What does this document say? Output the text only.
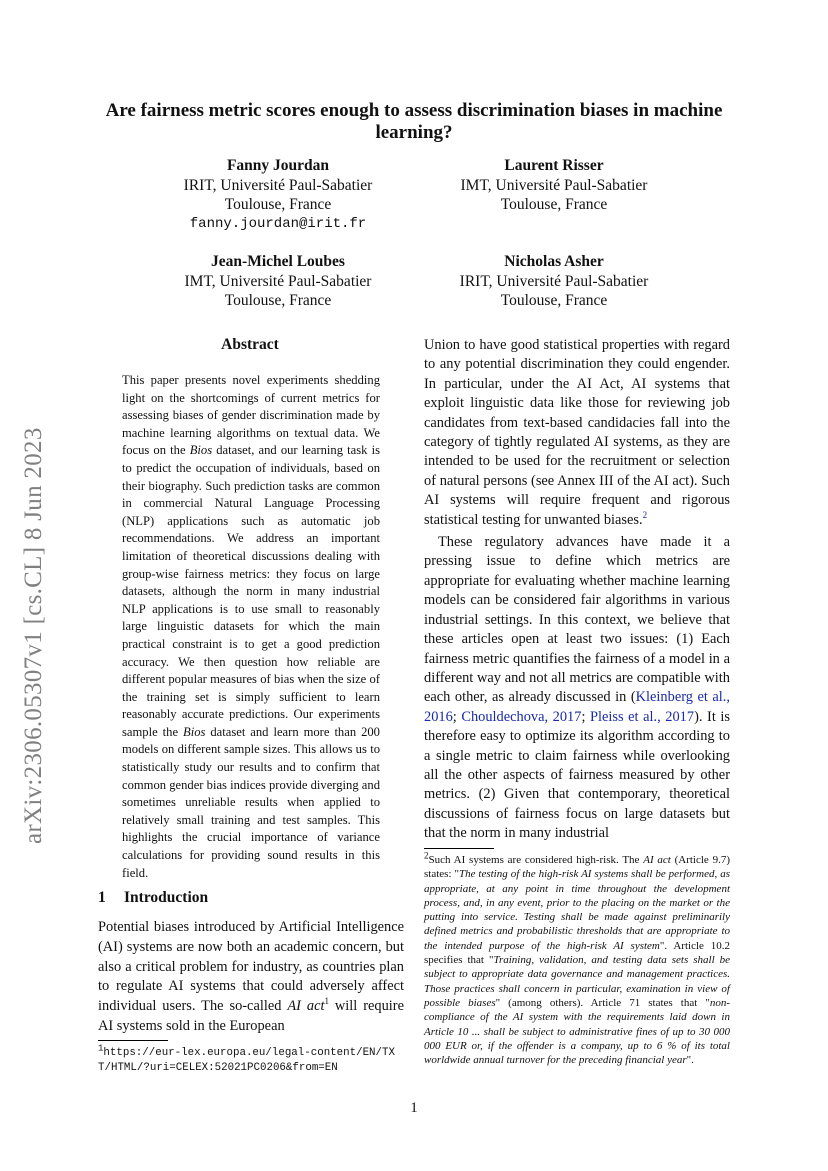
arXiv:2306.05307v1 [cs.CL] 8 Jun 2023
Are fairness metric scores enough to assess discrimination biases in machine learning?
Fanny Jourdan
IRIT, Université Paul-Sabatier
Toulouse, France
fanny.jourdan@irit.fr
Laurent Risser
IMT, Université Paul-Sabatier
Toulouse, France
Jean-Michel Loubes
IMT, Université Paul-Sabatier
Toulouse, France
Nicholas Asher
IRIT, Université Paul-Sabatier
Toulouse, France
Abstract
This paper presents novel experiments shedding light on the shortcomings of current metrics for assessing biases of gender discrimination made by machine learning algorithms on textual data. We focus on the Bios dataset, and our learning task is to predict the occupation of individuals, based on their biography. Such prediction tasks are common in commercial Natural Language Processing (NLP) applications such as automatic job recommendations. We address an important limitation of theoretical discussions dealing with group-wise fairness metrics: they focus on large datasets, although the norm in many industrial NLP applications is to use small to reasonably large linguistic datasets for which the main practical constraint is to get a good prediction accuracy. We then question how reliable are different popular measures of bias when the size of the training set is simply sufficient to learn reasonably accurate predictions. Our experiments sample the Bios dataset and learn more than 200 models on different sample sizes. This allows us to statistically study our results and to confirm that common gender bias indices provide diverging and sometimes unreliable results when applied to relatively small training and test samples. This highlights the crucial importance of variance calculations for providing sound results in this field.
1 Introduction
Potential biases introduced by Artificial Intelligence (AI) systems are now both an academic concern, but also a critical problem for industry, as countries plan to regulate AI systems that could adversely affect individual users. The so-called AI act$^1$ will require AI systems sold in the European
$^1$https://eur-lex.europa.eu/legal-content/EN/TXT/HTML/?uri=CELEX:52021PC0206&from=EN

Union to have good statistical properties with regard to any potential discrimination they could engender. In particular, under the AI Act, AI systems that exploit linguistic data like those for reviewing job candidates from text-based candidacies fall into the category of tightly regulated AI systems, as they are intended to be used for the recruitment or selection of natural persons (see Annex III of the AI act). Such AI systems will require frequent and rigorous statistical testing for unwanted biases.$^2$

These regulatory advances have made it a pressing issue to define which metrics are appropriate for evaluating whether machine learning models can be considered fair algorithms in various industrial settings. In this context, we believe that these articles open at least two issues: (1) Each fairness metric quantifies the fairness of a model in a different way and not all metrics are compatible with each other, as already discussed in (Kleinberg et al., 2016; Chouldechova, 2017; Pleiss et al., 2017). It is therefore easy to optimize its algorithm according to a single metric to claim fairness while overlooking all the other aspects of fairness measured by other metrics. (2) Given that contemporary, theoretical discussions of fairness focus on large datasets but that the norm in many industrial

$^2$Such AI systems are considered high-risk. The AI act (Article 9.7) states: "The testing of the high-risk AI systems shall be performed, as appropriate, at any point in time throughout the development process, and, in any event, prior to the placing on the market or the putting into service. Testing shall be made against preliminarily defined metrics and probabilistic thresholds that are appropriate to the intended purpose of the high-risk AI system". Article 10.2 specifies that "Training, validation, and testing data sets shall be subject to appropriate data governance and management practices. Those practices shall concern in particular, examination in view of possible biases" (among others). Article 71 states that "non-compliance of the AI system with the requirements laid down in Article 10 ... shall be subject to administrative fines of up to 30 000 000 EUR or, if the offender is a company, up to 6 % of its total worldwide annual turnover for the preceding financial year".
1
